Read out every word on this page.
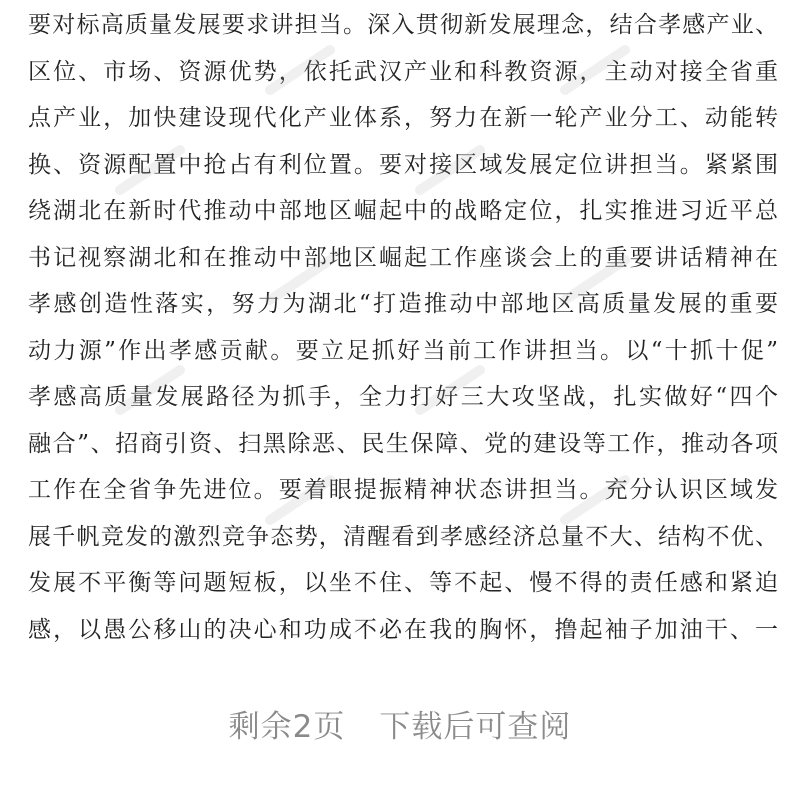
要对标高质量发展要求讲担当。深入贯彻新发展理念，结合孝感产业、
区位、市场、资源优势，依托武汉产业和科教资源，主动对接全省重
点产业，加快建设现代化产业体系，努力在新一轮产业分工、动能转
换、资源配置中抢占有利位置。要对接区域发展定位讲担当。紧紧围
绕湖北在新时代推动中部地区崛起中的战略定位，扎实推进习近平总
书记视察湖北和在推动中部地区崛起工作座谈会上的重要讲话精神在
孝感创造性落实，努力为湖北“打造推动中部地区高质量发展的重要
动力源”作出孝感贡献。要立足抓好当前工作讲担当。以“十抓十促”
孝感高质量发展路径为抓手，全力打好三大攻坚战，扎实做好“四个
融合”、招商引资、扫黑除恶、民生保障、党的建设等工作，推动各项
工作在全省争先进位。要着眼提振精神状态讲担当。充分认识区域发
展千帆竞发的激烈竞争态势，清醒看到孝感经济总量不大、结构不优、
发展不平衡等问题短板，以坐不住、等不起、慢不得的责任感和紧迫
感，以愚公移山的决心和功成不必在我的胸怀，撸起袖子加油干、一
剩余2页 下载后可查阅
